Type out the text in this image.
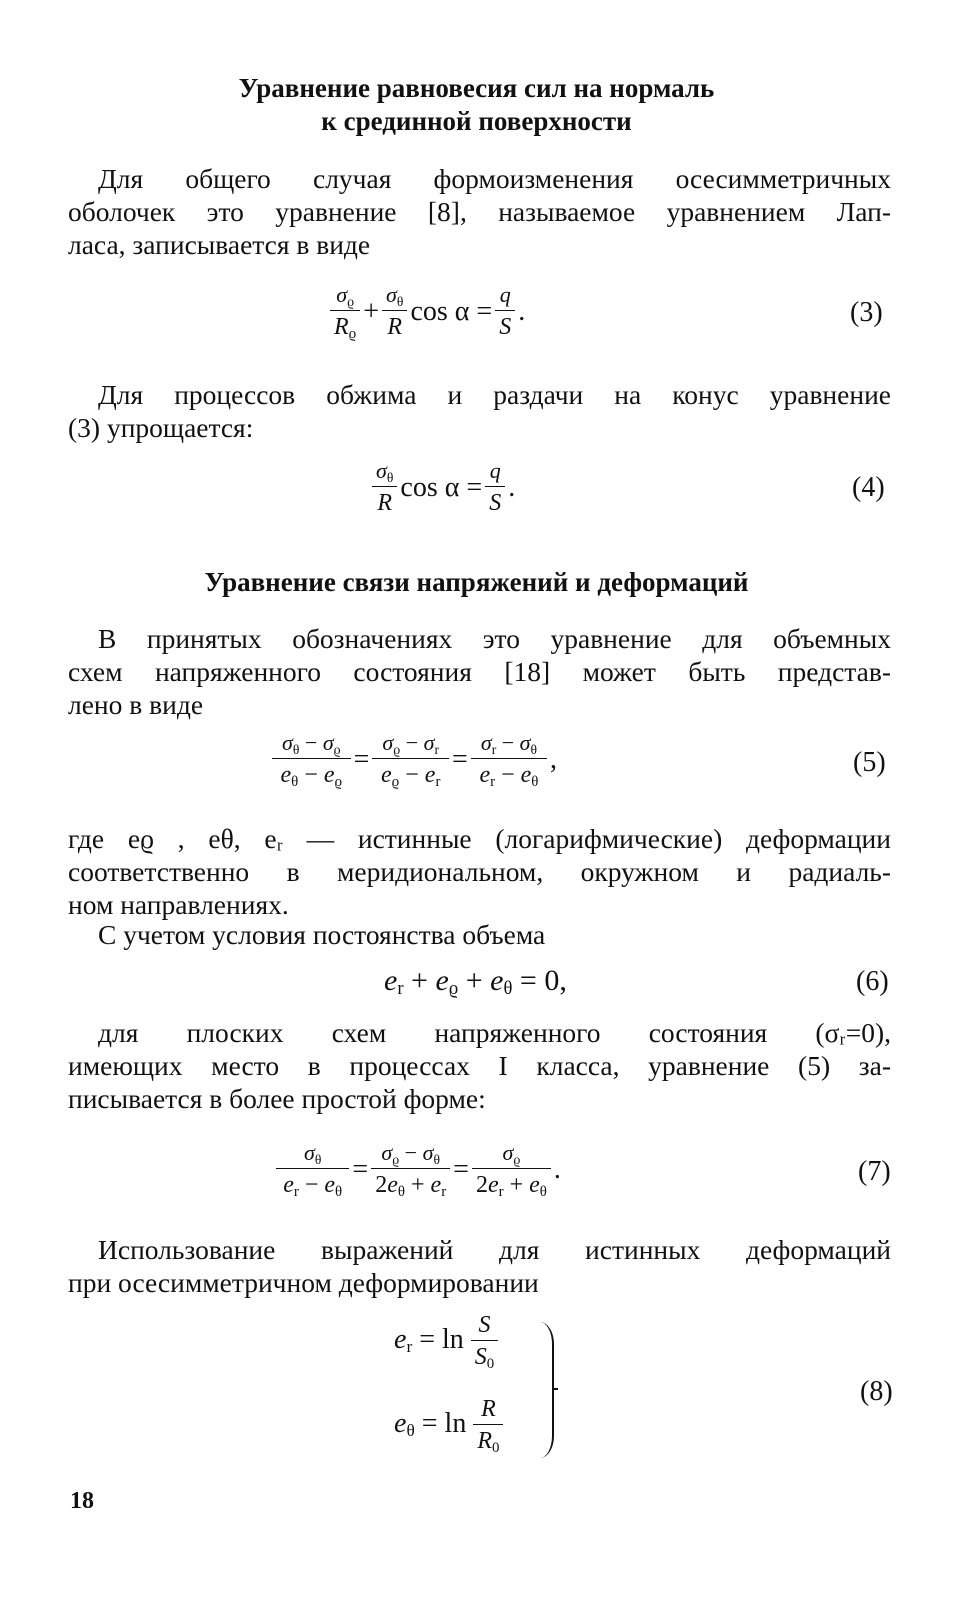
Уравнение равновесия сил на нормаль
к срединной поверхности
Для общего случая формоизменения осесимметричных
оболочек это уравнение [8], называемое уравнением Лап-
ласа, записывается в виде
$\frac{\sigma_ϱ}{R_ϱ} + \frac{\sigma_\theta}{R}$ $\cos \alpha = \frac{q}{S}$ .	(3)
Для процессов обжима и раздачи на конус уравнение
(3) упрощается:
$\frac{\sigma_\theta}{R}$ $\cos \alpha = \frac{q}{S}$ .	(4)
Уравнение связи напряжений и деформаций
В принятых обозначениях это уравнение для объемных
схем напряженного состояния [18] может быть представ-
лено в виде
$\frac{\sigma_\theta - \sigma_ϱ}{e_\theta - e_ϱ} = \frac{\sigma_ϱ - \sigma_r}{e_ϱ - e_r} = \frac{\sigma_r - \sigma_\theta}{e_r - e_\theta}$ ,	(5)
где eϱ , eθ, eᵣ — истинные (логарифмические) деформации
соответственно в меридиональном, окружном и радиаль-
ном направлениях.
С учетом условия постоянства объема
$e_r + e_ϱ + e_\theta = 0$,	(6)
для плоских схем напряженного состояния (σᵣ=0),
имеющих место в процессах I класса, уравнение (5) за-
писывается в более простой форме:
$\frac{\sigma_\theta}{e_r - e_\theta} = \frac{\sigma_ϱ - \sigma_\theta}{2e_\theta + e_r} = \frac{\sigma_ϱ}{2e_r + e_\theta}$ .	(7)
Использование выражений для истинных деформаций
при осесимметричном деформировании
$e_r = \ln \frac{S}{S_0}$
$e_\theta = \ln \frac{R}{R_0}$
(8)
18
